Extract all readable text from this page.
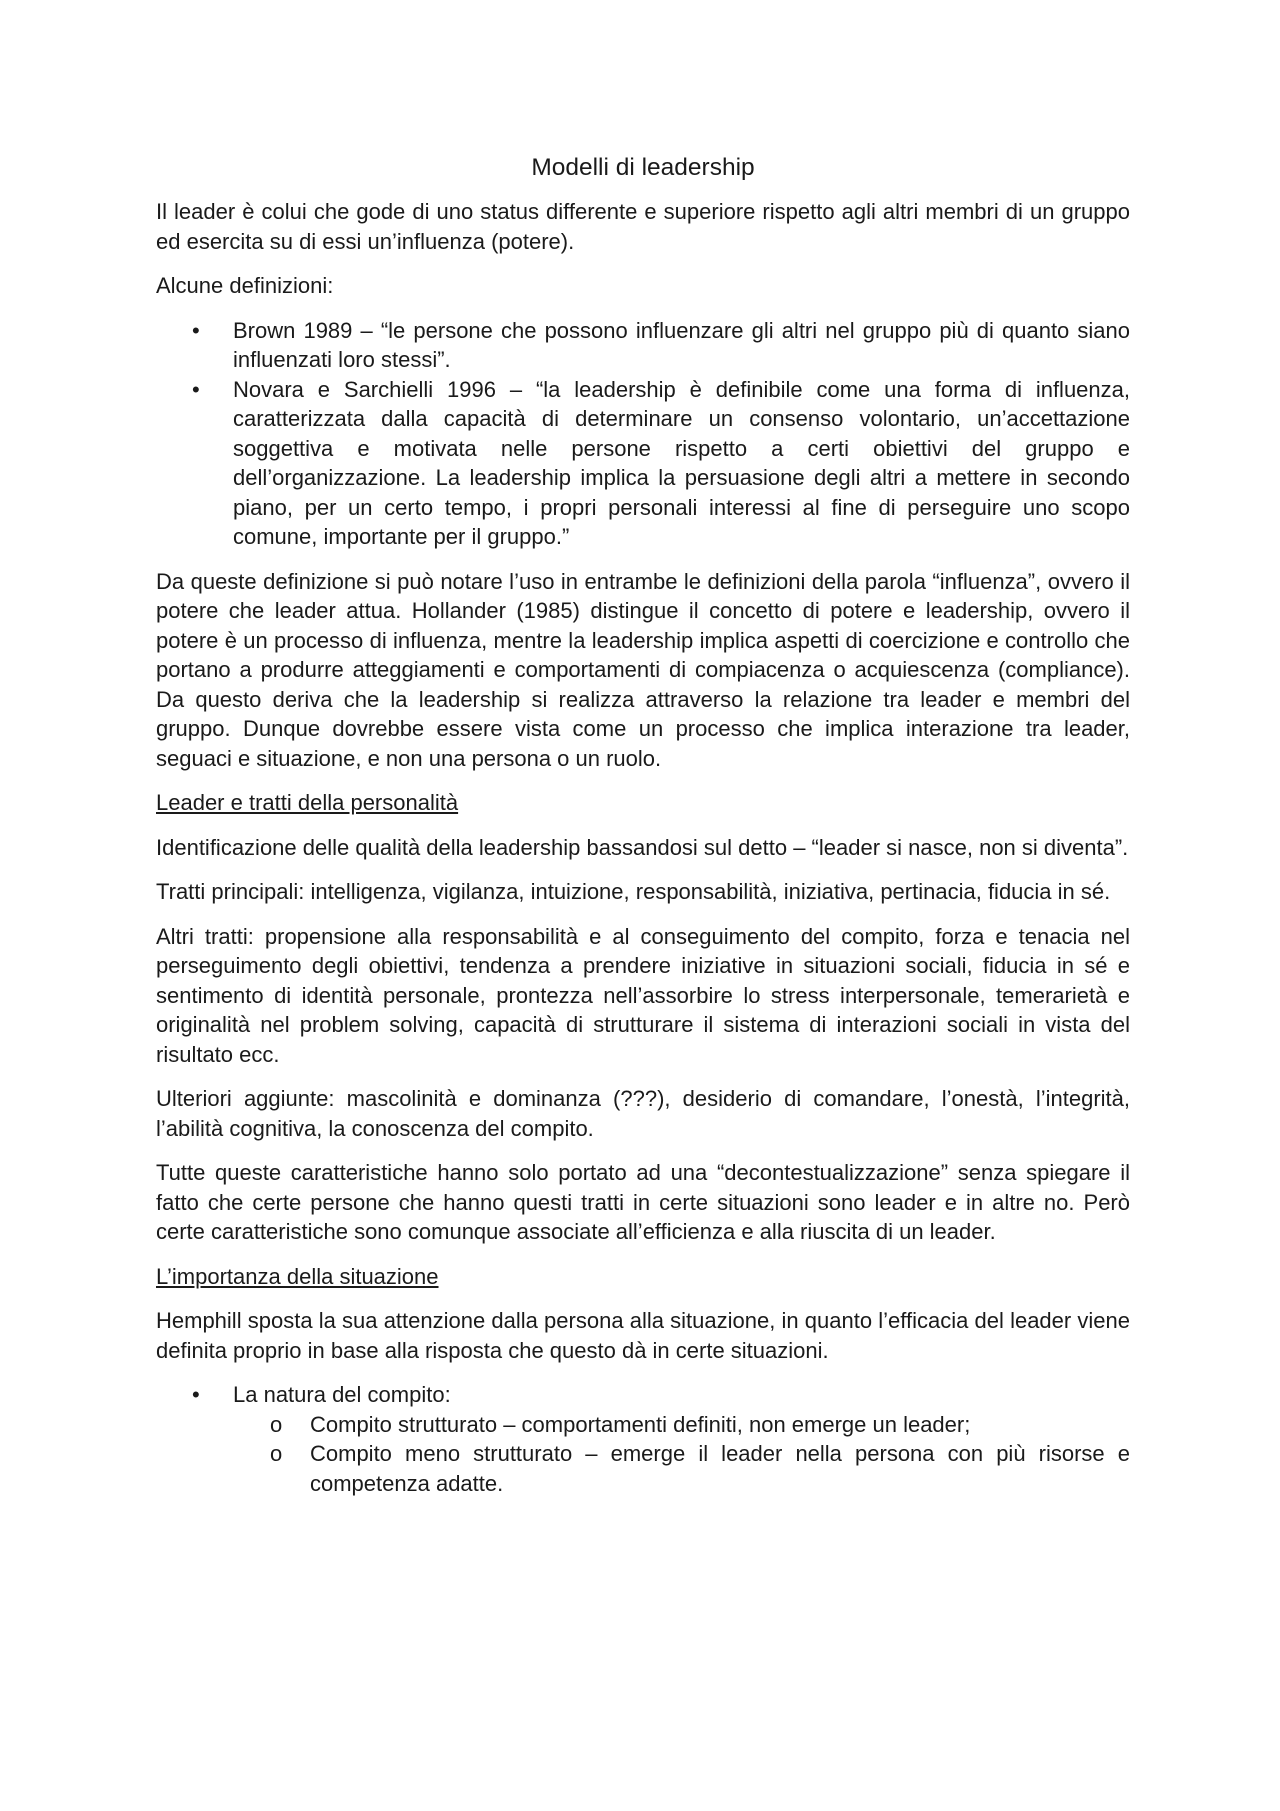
Modelli di leadership

Il leader è colui che gode di uno status differente e superiore rispetto agli altri membri di un gruppo ed esercita su di essi un’influenza (potere).

Alcune definizioni:

• Brown 1989 – “le persone che possono influenzare gli altri nel gruppo più di quanto siano influenzati loro stessi”.
• Novara e Sarchielli 1996 – “la leadership è definibile come una forma di influenza, caratterizzata dalla capacità di determinare un consenso volontario, un’accettazione soggettiva e motivata nelle persone rispetto a certi obiettivi del gruppo e dell’organizzazione. La leadership implica la persuasione degli altri a mettere in secondo piano, per un certo tempo, i propri personali interessi al fine di perseguire uno scopo comune, importante per il gruppo.”

Da queste definizione si può notare l’uso in entrambe le definizioni della parola “influenza”, ovvero il potere che leader attua. Hollander (1985) distingue il concetto di potere e leadership, ovvero il potere è un processo di influenza, mentre la leadership implica aspetti di coercizione e controllo che portano a produrre atteggiamenti e comportamenti di compiacenza o acquiescenza (compliance). Da questo deriva che la leadership si realizza attraverso la relazione tra leader e membri del gruppo. Dunque dovrebbe essere vista come un processo che implica interazione tra leader, seguaci e situazione, e non una persona o un ruolo.

Leader e tratti della personalità

Identificazione delle qualità della leadership bassandosi sul detto – “leader si nasce, non si diventa”.

Tratti principali: intelligenza, vigilanza, intuizione, responsabilità, iniziativa, pertinacia, fiducia in sé.

Altri tratti: propensione alla responsabilità e al conseguimento del compito, forza e tenacia nel perseguimento degli obiettivi, tendenza a prendere iniziative in situazioni sociali, fiducia in sé e sentimento di identità personale, prontezza nell’assorbire lo stress interpersonale, temerarietà e originalità nel problem solving, capacità di strutturare il sistema di interazioni sociali in vista del risultato ecc.

Ulteriori aggiunte: mascolinità e dominanza (???), desiderio di comandare, l’onestà, l’integrità, l’abilità cognitiva, la conoscenza del compito.

Tutte queste caratteristiche hanno solo portato ad una “decontestualizzazione” senza spiegare il fatto che certe persone che hanno questi tratti in certe situazioni sono leader e in altre no. Però certe caratteristiche sono comunque associate all’efficienza e alla riuscita di un leader.

L’importanza della situazione

Hemphill sposta la sua attenzione dalla persona alla situazione, in quanto l’efficacia del leader viene definita proprio in base alla risposta che questo dà in certe situazioni.

• La natura del compito:
o Compito strutturato – comportamenti definiti, non emerge un leader;
o Compito meno strutturato – emerge il leader nella persona con più risorse e competenza adatte.
